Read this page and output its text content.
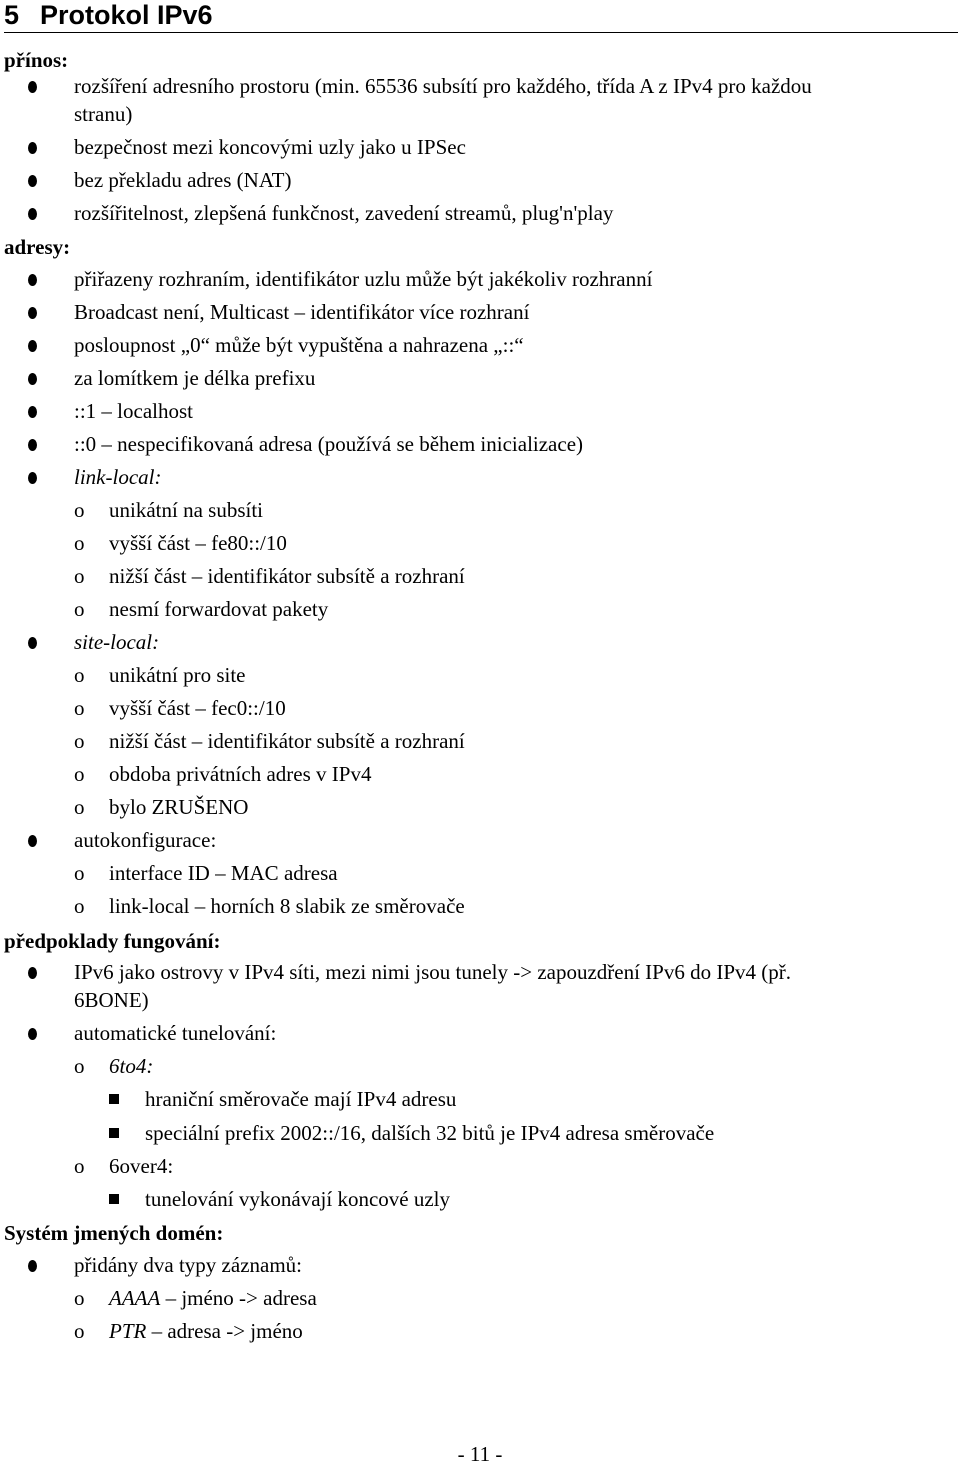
5 Protokol IPv6
přínos:
rozšíření adresního prostoru (min. 65536 subsítí pro každého, třída A z IPv4 pro každou stranu)
bezpečnost mezi koncovými uzly jako u IPSec
bez překladu adres (NAT)
rozšířitelnost, zlepšená funkčnost, zavedení streamů, plug'n'play
adresy:
přiřazeny rozhraním, identifikátor uzlu může být jakékoliv rozhranní
Broadcast není, Multicast – identifikátor více rozhraní
posloupnost „0“ může být vypuštěna a nahrazena „::“
za lomítkem je délka prefixu
::1 – localhost
::0 – nespecifikovaná adresa (používá se během inicializace)
link-local:
o unikátní na subsíti
o vyšší část – fe80::/10
o nižší část – identifikátor subsítě a rozhraní
o nesmí forwardovat pakety
site-local:
o unikátní pro site
o vyšší část – fec0::/10
o nižší část – identifikátor subsítě a rozhraní
o obdoba privátních adres v IPv4
o bylo ZRUŠENO
autokonfigurace:
o interface ID – MAC adresa
o link-local – horních 8 slabik ze směrovače
předpoklady fungování:
IPv6 jako ostrovy v IPv4 síti, mezi nimi jsou tunely -> zapouzdření IPv6 do IPv4 (př. 6BONE)
automatické tunelování:
o 6to4:
hraniční směrovače mají IPv4 adresu
speciální prefix 2002::/16, dalších 32 bitů je IPv4 adresa směrovače
o 6over4:
tunelování vykonávají koncové uzly
Systém jmených domén:
přidány dva typy záznamů:
o AAAA – jméno -> adresa
o PTR – adresa -> jméno
- 11 -
